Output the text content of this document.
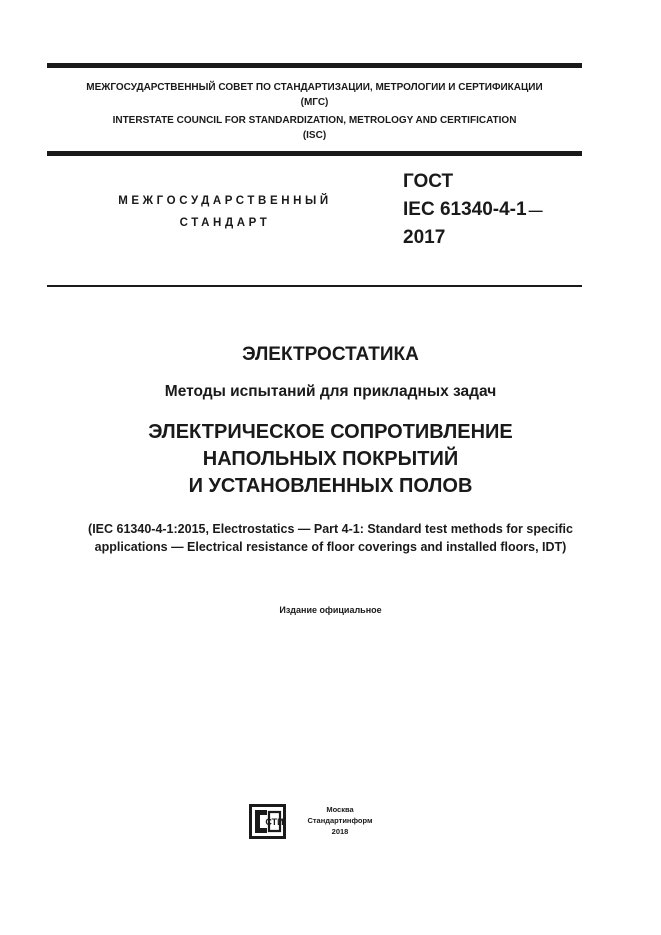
МЕЖГОСУДАРСТВЕННЫЙ СОВЕТ ПО СТАНДАРТИЗАЦИИ, МЕТРОЛОГИИ И СЕРТИФИКАЦИИ
(МГС)
INTERSTATE COUNCIL FOR STANDARDIZATION, METROLOGY AND CERTIFICATION
(ISC)
МЕЖГОСУДАРСТВЕННЫЙ
СТАНДАРТ
ГОСТ
IEC 61340-4-1 —
2017
ЭЛЕКТРОСТАТИКА
Методы испытаний для прикладных задач
ЭЛЕКТРИЧЕСКОЕ СОПРОТИВЛЕНИЕ
НАПОЛЬНЫХ ПОКРЫТИЙ
И УСТАНОВЛЕННЫХ ПОЛОВ
(IEC 61340-4-1:2015, Electrostatics — Part 4-1: Standard test methods for specific
applications — Electrical resistance of floor coverings and installed floors, IDT)
Издание официальное
СТИ
Москва
Стандартинформ
2018
